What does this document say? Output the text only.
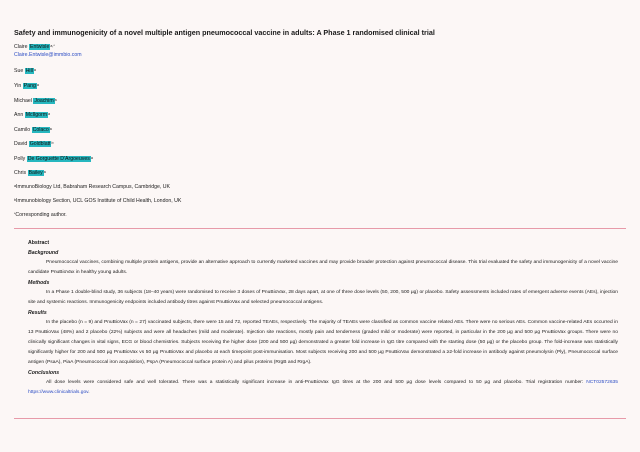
Safety and immunogenicity of a novel multiple antigen pneumococcal vaccine in adults: A Phase 1 randomised clinical trial
Claire Entwisle$^{a,*}$
Claire.Entwisle@immbio.com
Sue Hill$^a$
Yin Pang$^a$
Michael Joachim$^a$
Ann McIlgorm$^a$
Camilo Colaco$^a$
David Goldblatt$^b$
Polly De Gorguette D'Argoeuves$^a$
Chris Bailey$^a$
$^a$ImmunoBiology Ltd, Babraham Research Campus, Cambridge, UK
$^b$Immunobiology Section, UCL GOS Institute of Child Health, London, UK
*Corresponding author.
Abstract
Background

Pneumococcal vaccines, combining multiple protein antigens, provide an alternative approach to currently marketed vaccines and may provide broader protection against pneumococcal disease. This trial evaluated the safety and immunogenicity of a novel vaccine candidate PnuBioVax in healthy young adults.

Methods

In a Phase 1 double-blind study, 36 subjects (18–40 years) were randomised to receive 3 doses of PnuBioVax, 28 days apart, at one of three dose levels (50, 200, 500 µg) or placebo. Safety assessments included rates of emergent adverse events (AEs), injection site and systemic reactions. Immunogenicity endpoints included antibody titres against PnuBioVax and selected pneumococcal antigens.

Results

In the placebo (n = 9) and PnuBioVax (n = 27) vaccinated subjects, there were 15 and 72, reported TEAEs, respectively. The majority of TEAEs were classified as common vaccine related AEs. There were no serious AEs. Common vaccine-related AEs occurred in 13 PnuBioVax (48%) and 2 placebo (22%) subjects and were all headaches (mild and moderate). Injection site reactions, mostly pain and tenderness (graded mild or moderate) were reported, in particular in the 200 µg and 500 µg PnuBioVax groups. There were no clinically significant changes in vital signs, ECG or blood chemistries. Subjects receiving the higher dose (200 and 500 µg) demonstrated a greater fold increase in IgG titre compared with the starting dose (50 µg) or the placebo group. The fold-increase was statistically significantly higher for 200 and 500 µg PnuBioVax vs 50 µg PnuBioVax and placebo at each timepoint post-immunisation. Most subjects receiving 200 and 500 µg PnuBioVax demonstrated a ≥2-fold increase in antibody against pneumolysin (Ply), Pneumococcal surface antigen (PsaA), PiaA (Pneumococcal iron acquisition), PspA (Pneumococcal surface protein A) and pilus proteins (RrgB and RrgA).

Conclusions

All dose levels were considered safe and well tolerated. There was a statistically significant increase in anti-PnuBioVax IgG titres at the 200 and 500 µg dose levels compared to 50 µg and placebo. Trial registration number: NCT02572635 https://www.clinicaltrials.gov.
